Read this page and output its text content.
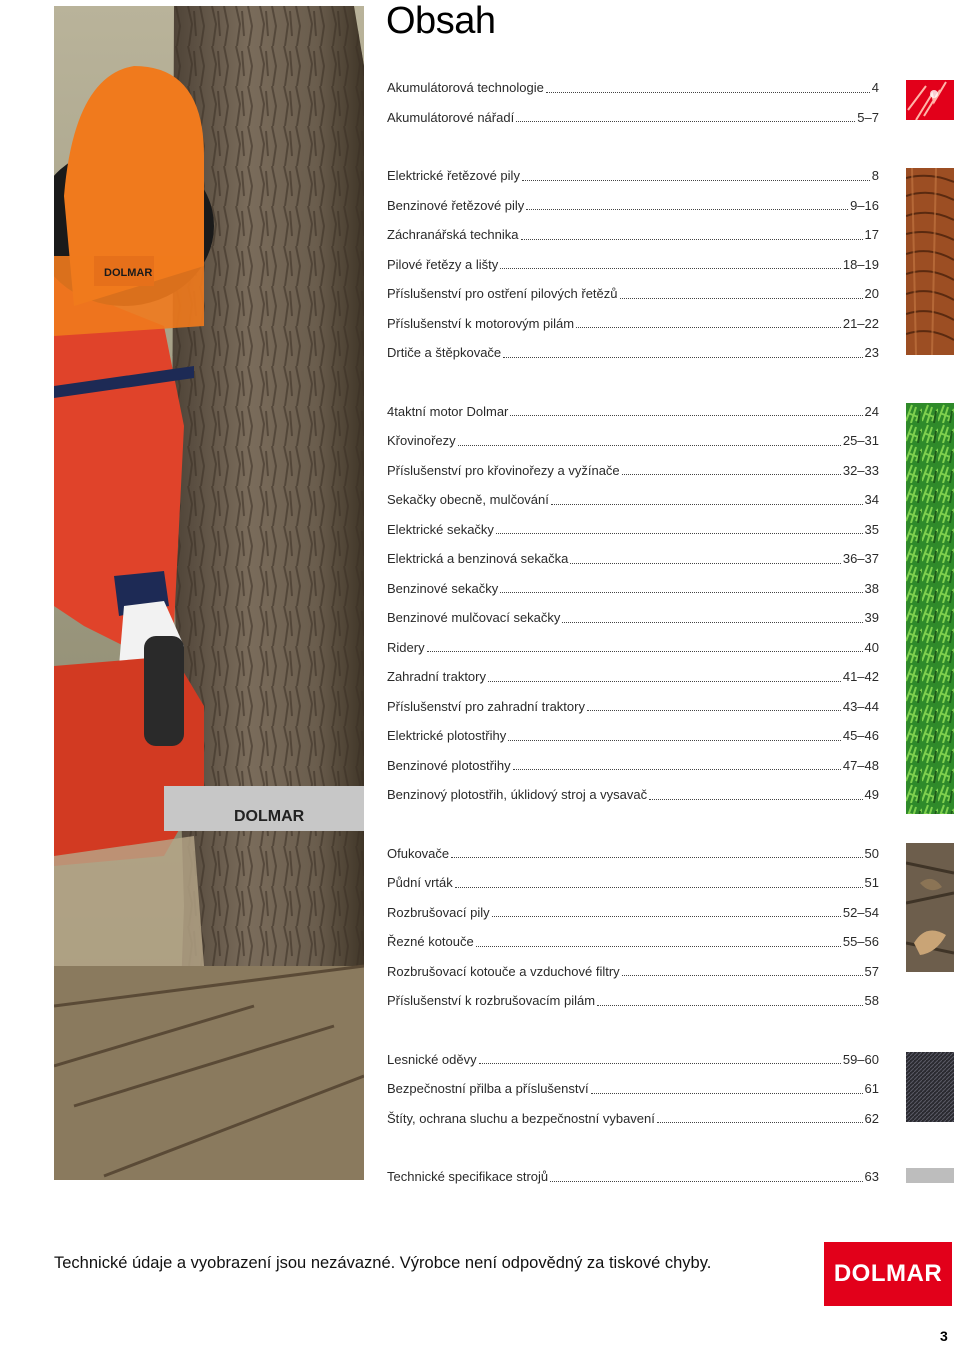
DOLMAR
DOLMAR
Obsah
Akumulátorová technologie	4
Akumulátorové nářadí	5–7
Elektrické řetězové pily	8
Benzinové řetězové pily	9–16
Záchranářská technika	17
Pilové řetězy a lišty	18–19
Příslušenství pro ostření pilových řetězů	20
Příslušenství k motorovým pilám	21–22
Drtiče a štěpkovače	23
4taktní motor Dolmar	24
Křovinořezy	25–31
Příslušenství pro křovinořezy a vyžínače	32–33
Sekačky obecně, mulčování	34
Elektrické sekačky	35
Elektrická a benzinová sekačka	36–37
Benzinové sekačky	38
Benzinové mulčovací sekačky	39
Ridery	40
Zahradní traktory	41–42
Příslušenství pro zahradní traktory	43–44
Elektrické plotostřihy	45–46
Benzinové plotostřihy	47–48
Benzinový plotostřih, úklidový stroj a vysavač	49
Ofukovače	50
Půdní vrták	51
Rozbrušovací pily	52–54
Řezné kotouče	55–56
Rozbrušovací kotouče a vzduchové filtry	57
Příslušenství k rozbrušovacím pilám	58
Lesnické oděvy	59–60
Bezpečnostní přilba a příslušenství	61
Štíty, ochrana sluchu a bezpečnostní vybavení	62
Technické specifikace strojů	63
Technické údaje a vyobrazení jsou nezávazné. Výrobce není odpovědný za tiskové chyby.	DOLMAR
3
